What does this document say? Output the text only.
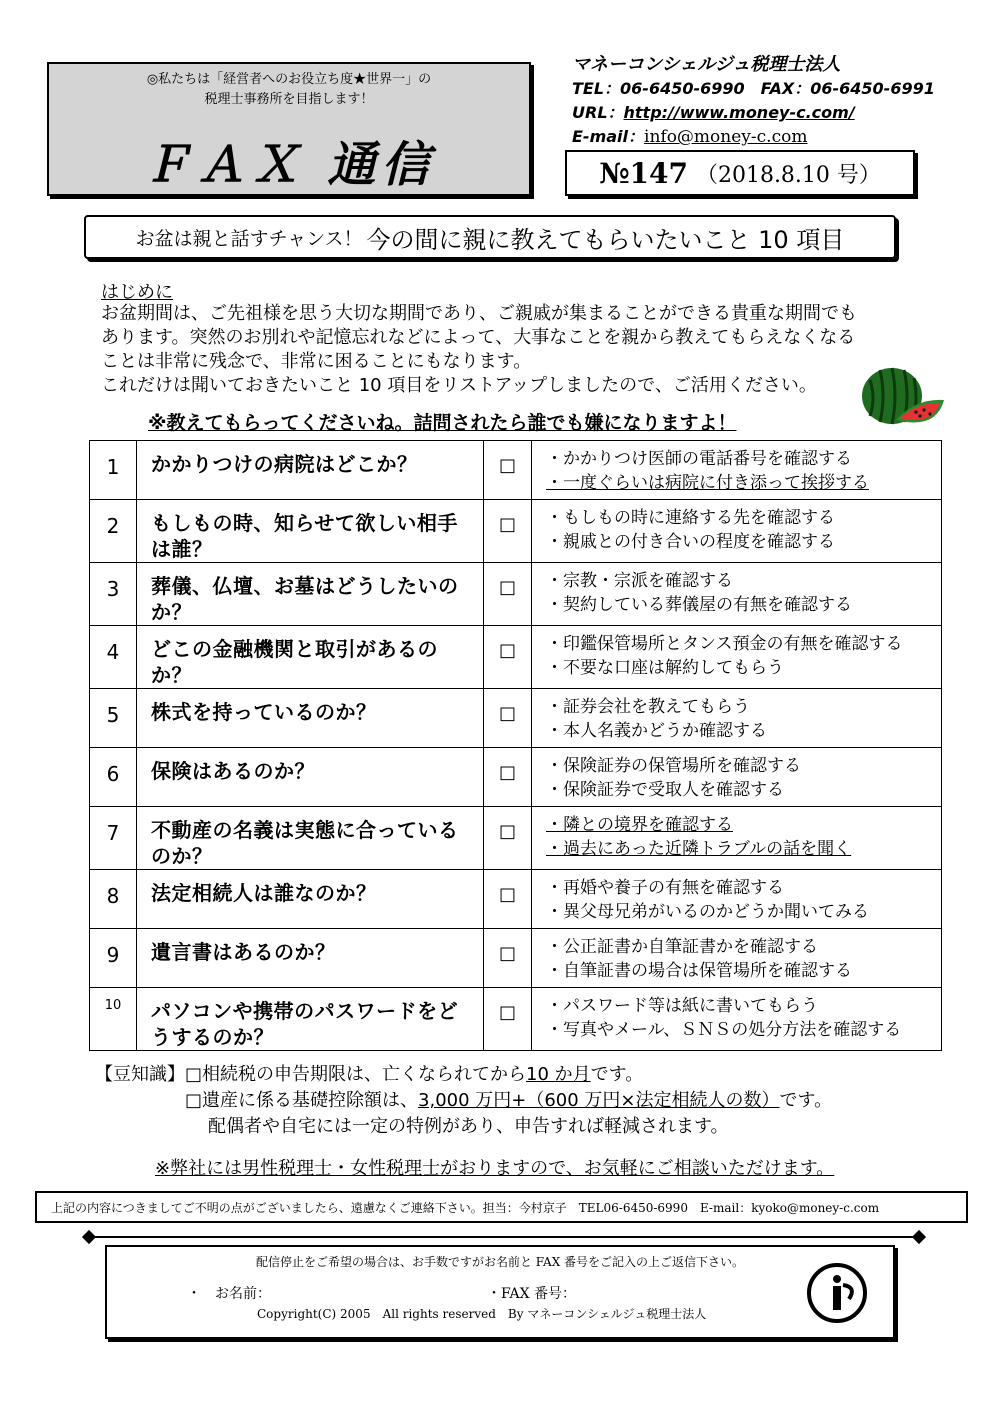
◎私たちは「経営者へのお役立ち度★世界一」の
税理士事務所を目指します！
ＦＡＸ 通信
マネーコンシェルジュ税理士法人
TEL：06-6450-6990　FAX：06-6450-6991
URL：http://www.money-c.com/
E-mail：info@money-c.com
№147 （2018.8.10 号）
お盆は親と話すチャンス！ 今の間に親に教えてもらいたいこと 10 項目
はじめに
お盆期間は、ご先祖様を思う大切な期間であり、ご親戚が集まることができる貴重な期間でも
あります。突然のお別れや記憶忘れなどによって、大事なことを親から教えてもらえなくなる
ことは非常に残念で、非常に困ることにもなります。
これだけは聞いておきたいこと 10 項目をリストアップしましたので、ご活用ください。
※教えてもらってくださいね。詰問されたら誰でも嫌になりますよ！
1	かかりつけの病院はどこか？	□	・かかりつけ医師の電話番号を確認する
・一度ぐらいは病院に付き添って挨拶する

2	もしもの時、知らせて欲しい相手は誰？	□	・もしもの時に連絡する先を確認する
・親戚との付き合いの程度を確認する

3	葬儀、仏壇、お墓はどうしたいのか？	□	・宗教・宗派を確認する
・契約している葬儀屋の有無を確認する

4	どこの金融機関と取引があるのか？	□	・印鑑保管場所とタンス預金の有無を確認する
・不要な口座は解約してもらう

5	株式を持っているのか？	□	・証券会社を教えてもらう
・本人名義かどうか確認する

6	保険はあるのか？	□	・保険証券の保管場所を確認する
・保険証券で受取人を確認する

7	不動産の名義は実態に合っているのか？	□	・隣との境界を確認する
・過去にあった近隣トラブルの話を聞く

8	法定相続人は誰なのか？	□	・再婚や養子の有無を確認する
・異父母兄弟がいるのかどうか聞いてみる

9	遺言書はあるのか？	□	・公正証書か自筆証書かを確認する
・自筆証書の場合は保管場所を確認する

10	パソコンや携帯のパスワードをどうするのか？	□	・パスワード等は紙に書いてもらう
・写真やメール、ＳＮＳの処分方法を確認する
【豆知識】□相続税の申告期限は、亡くなられてから10 か月です。
□遺産に係る基礎控除額は、3,000 万円+（600 万円×法定相続人の数）です。
配偶者や自宅には一定の特例があり、申告すれば軽減されます。
※弊社には男性税理士・女性税理士がおりますので、お気軽にご相談いただけます。
上記の内容につきましてご不明の点がございましたら、遠慮なくご連絡下さい。担当：今村京子　TEL06-6450-6990　E-mail：kyoko@money-c.com
配信停止をご希望の場合は、お手数ですがお名前と FAX 番号をご記入の上ご返信下さい。
・　お名前：	・FAX 番号：
Copyright(C) 2005　All rights reserved　By マネーコンシェルジュ税理士法人
